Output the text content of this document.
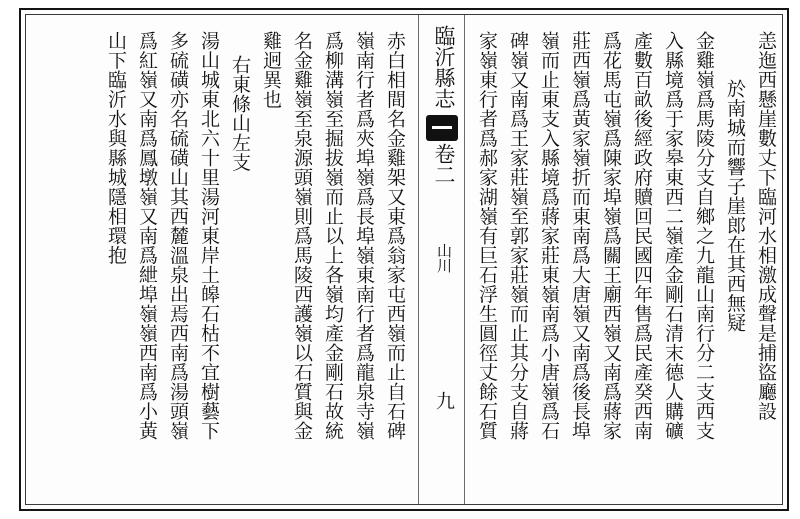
恙迤西懸崖數丈下臨河水相激成聲是捕盜廳設
於南城而響子崖郎在其西無疑
金雞嶺爲馬陵分支自鄉之九龍山南行分二支西支
入縣境爲于家皋東西二嶺產金剛石清末德人購礦
產數百畝後經政府贖回民國四年售爲民產癸西南
爲花馬屯嶺爲陳家埠嶺爲關王廟西嶺又南爲蔣家
莊西嶺爲黃家嶺折而東南爲大唐嶺又南爲後長埠
嶺而止東支入縣境爲蔣家莊東嶺南爲小唐嶺爲石
碑嶺又南爲王家莊嶺至郭家莊嶺而止其分支自蔣
家嶺東行者爲郝家湖嶺有巨石浮生圓徑丈餘石質
臨沂縣志
卷二
山川
九
赤白相間名金雞架又東爲翁家屯西嶺而止自石碑
嶺南行者爲夾埠嶺爲長埠嶺東南行者爲龍泉寺嶺
爲柳溝嶺至掘拔嶺而止以上各嶺均產金剛石故統
名金雞嶺至泉源頭嶺則爲馬陵西護嶺以石質與金
雞迥異也
右東條山左支
湯山城東北六十里湯河東岸土皞石枯不宜樹藝下
多硫磺亦名硫磺山其西麓溫泉出焉西南爲湯頭嶺
爲紅嶺又南爲鳳墩嶺又南爲紲埠嶺嶺西南爲小黃
山下臨沂水與縣城隱相環抱
